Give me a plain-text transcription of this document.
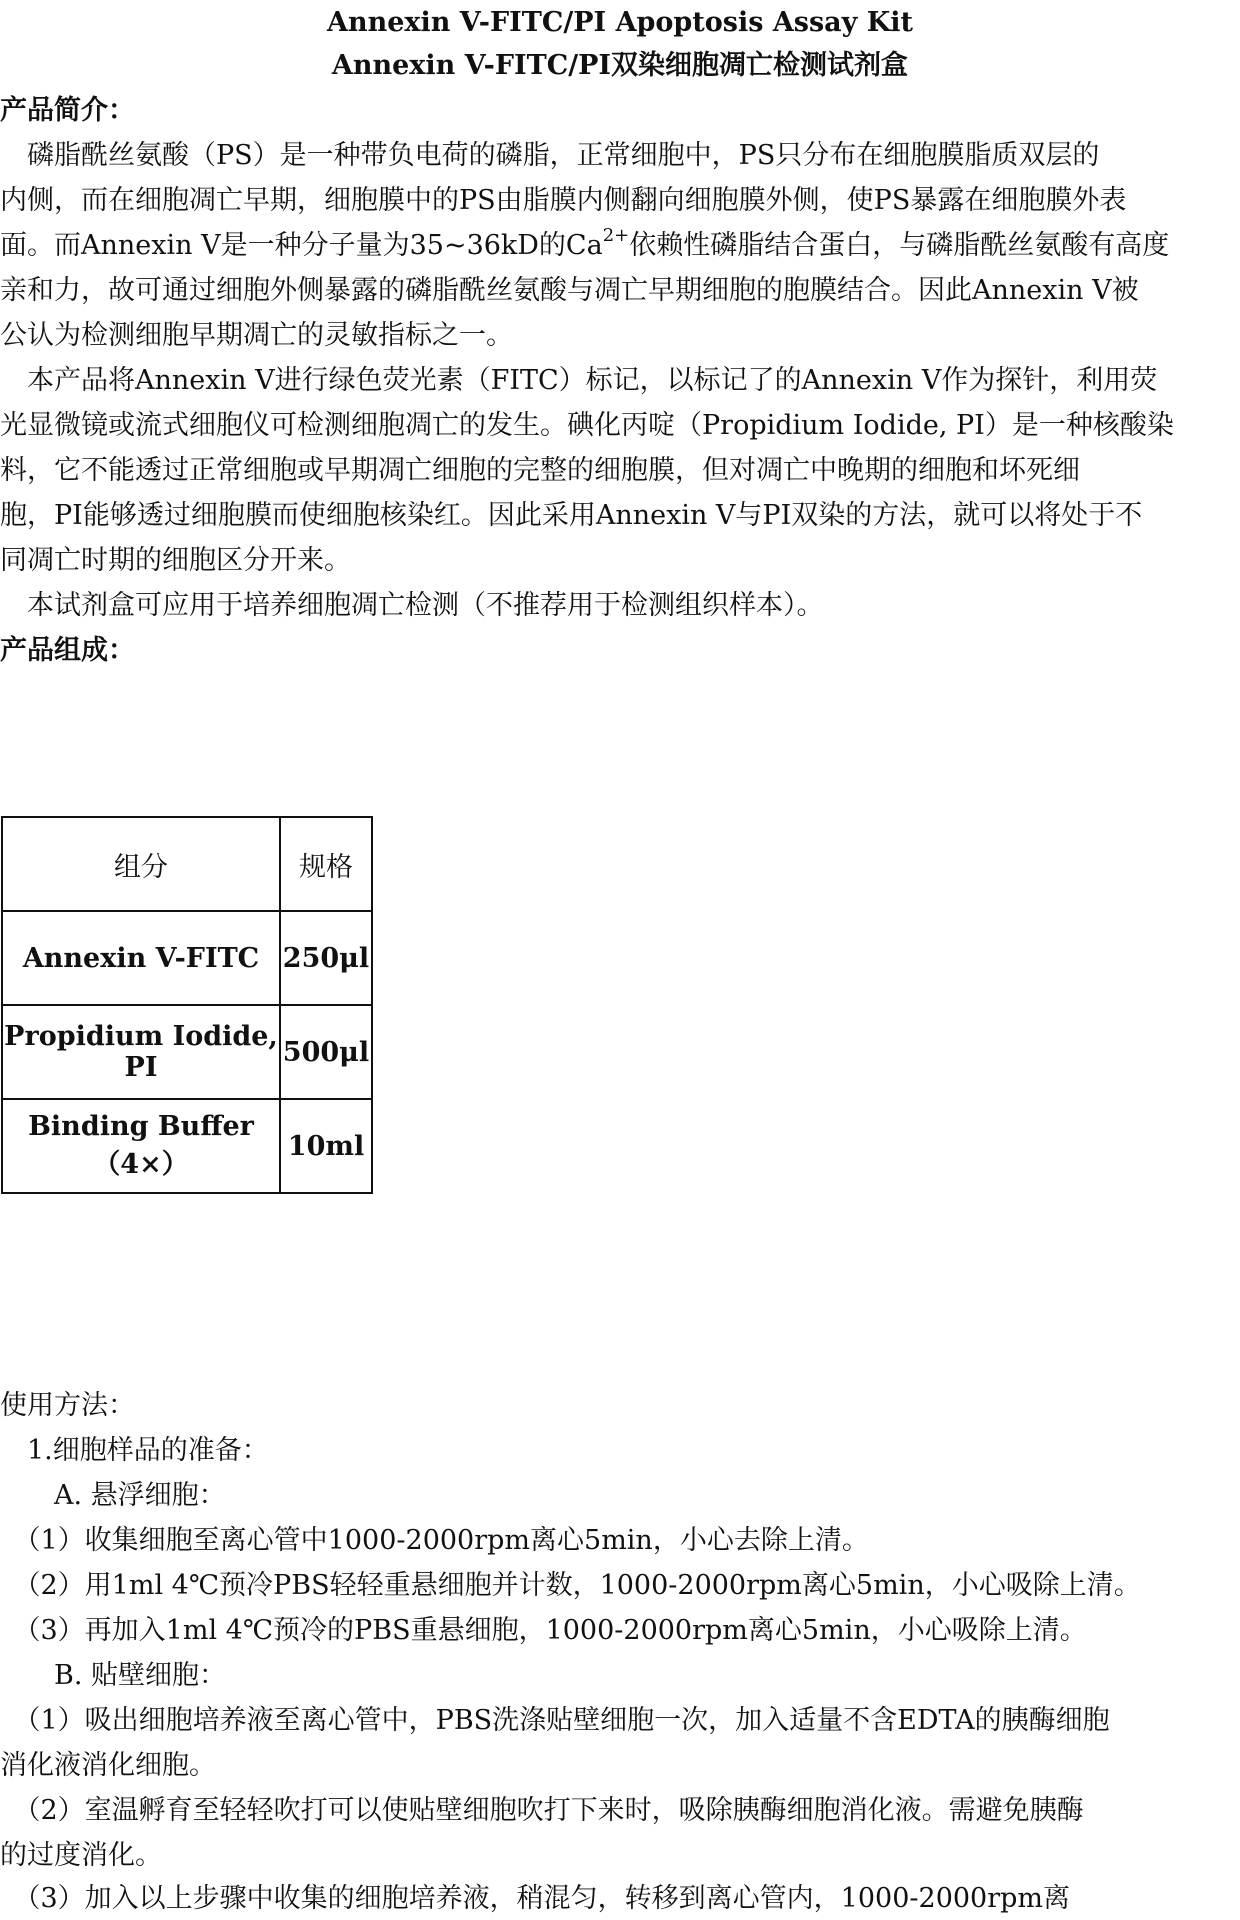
Annexin V-FITC/PI Apoptosis Assay Kit
Annexin V-FITC/PI双染细胞凋亡检测试剂盒

产品简介：

　磷脂酰丝氨酸（PS）是一种带负电荷的磷脂，正常细胞中，PS只分布在细胞膜脂质双层的

内侧，而在细胞凋亡早期，细胞膜中的PS由脂膜内侧翻向细胞膜外侧，使PS暴露在细胞膜外表

面。而Annexin V是一种分子量为35~36kD的$Ca^{2+}$依赖性磷脂结合蛋白，与磷脂酰丝氨酸有高度

亲和力，故可通过细胞外侧暴露的磷脂酰丝氨酸与凋亡早期细胞的胞膜结合。因此Annexin V被

公认为检测细胞早期凋亡的灵敏指标之一。

　本产品将Annexin V进行绿色荧光素（FITC）标记，以标记了的Annexin V作为探针，利用荧

光显微镜或流式细胞仪可检测细胞凋亡的发生。碘化丙啶（Propidium Iodide, PI）是一种核酸染

料，它不能透过正常细胞或早期凋亡细胞的完整的细胞膜，但对凋亡中晚期的细胞和坏死细

胞，PI能够透过细胞膜而使细胞核染红。因此采用Annexin V与PI双染的方法，就可以将处于不

同凋亡时期的细胞区分开来。

　本试剂盒可应用于培养细胞凋亡检测（不推荐用于检测组织样本）。

产品组成：

组分	规格
Annexin V-FITC	250μl
Propidium Iodide, PI	500μl
Binding Buffer（4×）	10ml

使用方法：

　1.细胞样品的准备：

　　A. 悬浮细胞：

　（1）收集细胞至离心管中1000-2000rpm离心5min，小心去除上清。

　（2）用1ml 4℃预冷PBS轻轻重悬细胞并计数，1000-2000rpm离心5min，小心吸除上清。

　（3）再加入1ml 4℃预冷的PBS重悬细胞，1000-2000rpm离心5min，小心吸除上清。

　　B. 贴壁细胞：

　（1）吸出细胞培养液至离心管中，PBS洗涤贴壁细胞一次，加入适量不含EDTA的胰酶细胞

消化液消化细胞。

　（2）室温孵育至轻轻吹打可以使贴壁细胞吹打下来时，吸除胰酶细胞消化液。需避免胰酶

的过度消化。

　（3）加入以上步骤中收集的细胞培养液，稍混匀，转移到离心管内，1000-2000rpm离
